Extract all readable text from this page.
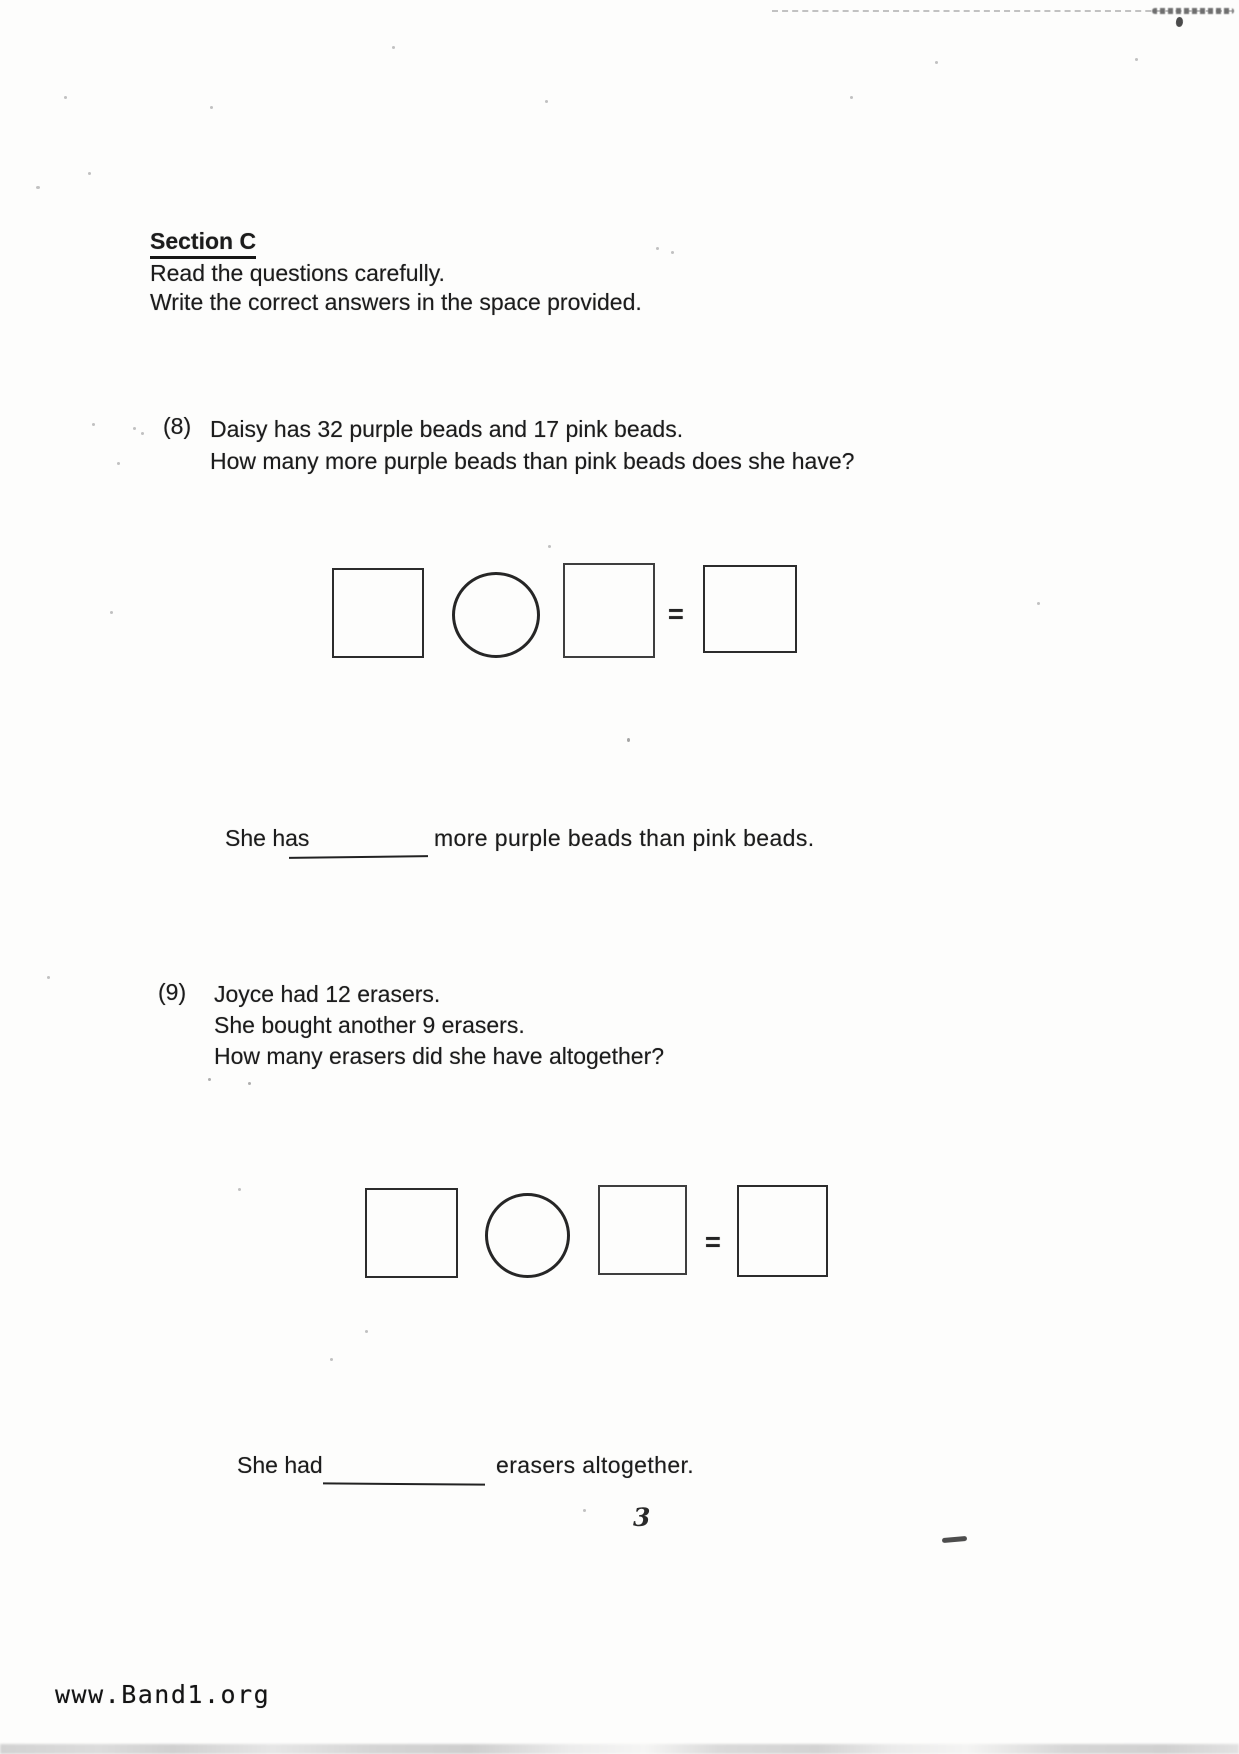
Section C
Read the questions carefully.
Write the correct answers in the space provided.
(8) Daisy has 32 purple beads and 17 pink beads.
How many more purple beads than pink beads does she have?
=
She has	more purple beads than pink beads.
(9) Joyce had 12 erasers.
She bought another 9 erasers.
How many erasers did she have altogether?
=
She had	erasers altogether.
3
www.Band1.org
